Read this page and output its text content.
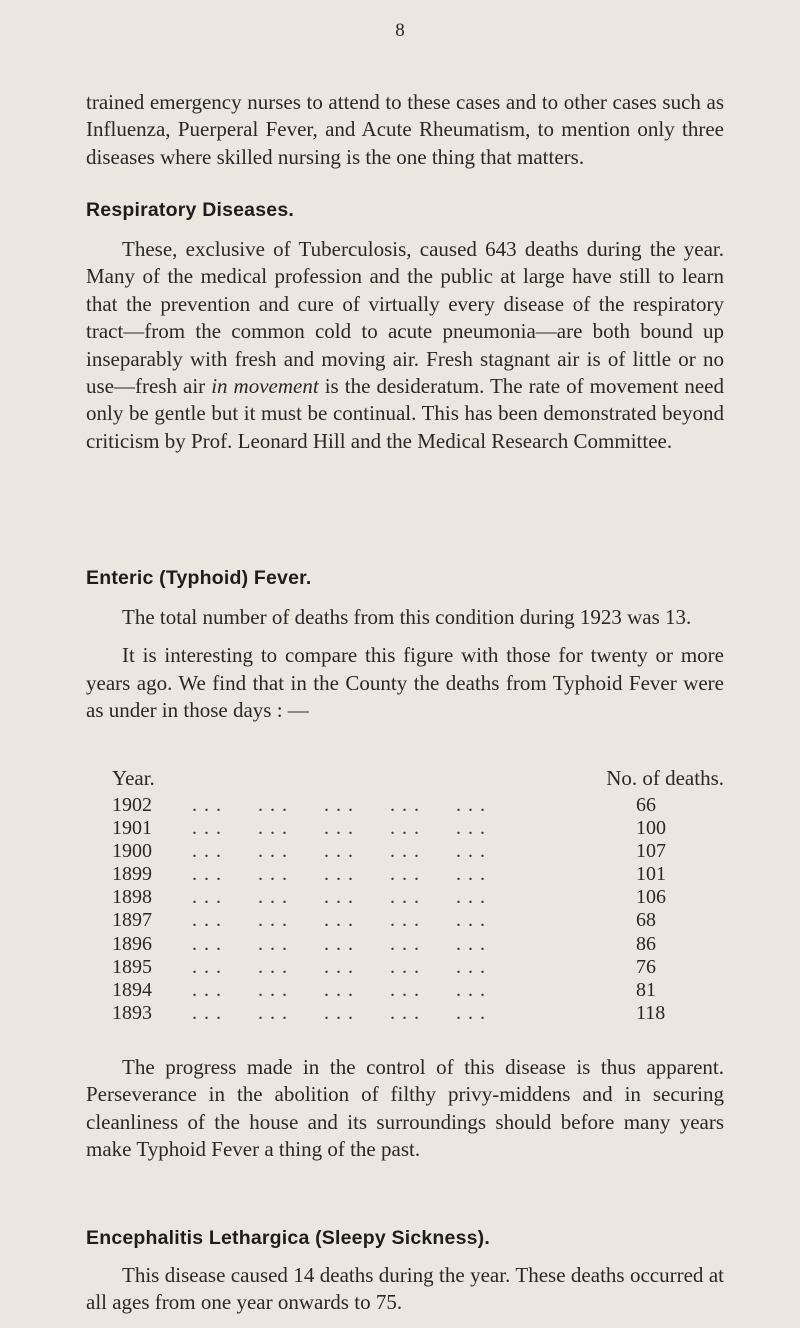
8

trained emergency nurses to attend to these cases and to other cases such as Influenza, Puerperal Fever, and Acute Rheumatism, to mention only three diseases where skilled nursing is the one thing that matters.

Respiratory Diseases.

These, exclusive of Tuberculosis, caused 643 deaths during the year. Many of the medical profession and the public at large have still to learn that the prevention and cure of virtually every disease of the respiratory tract—from the common cold to acute pneumonia—are both bound up inseparably with fresh and moving air. Fresh stagnant air is of little or no use—fresh air in movement is the desideratum. The rate of movement need only be gentle but it must be continual. This has been demonstrated beyond criticism by Prof. Leonard Hill and the Medical Research Committee.

Enteric (Typhoid) Fever.

The total number of deaths from this condition during 1923 was 13.

It is interesting to compare this figure with those for twenty or more years ago. We find that in the County the deaths from Typhoid Fever were as under in those days : —

Year.	No. of deaths.
1902 . . .      . . .      . . .      . . .      . . .	66
1901 . . .      . . .      . . .      . . .      . . .	100
1900 . . .      . . .      . . .      . . .      . . .	107
1899 . . .      . . .      . . .      . . .      . . .	101
1898 . . .      . . .      . . .      . . .      . . .	106
1897 . . .      . . .      . . .      . . .      . . .	68
1896 . . .      . . .      . . .      . . .      . . .	86
1895 . . .      . . .      . . .      . . .      . . .	76
1894 . . .      . . .      . . .      . . .      . . .	81
1893 . . .      . . .      . . .      . . .      . . .	118

The progress made in the control of this disease is thus apparent. Perseverance in the abolition of filthy privy-middens and in securing cleanliness of the house and its surroundings should before many years make Typhoid Fever a thing of the past.

Encephalitis Lethargica (Sleepy Sickness).

This disease caused 14 deaths during the year. These deaths occurred at all ages from one year onwards to 75.
